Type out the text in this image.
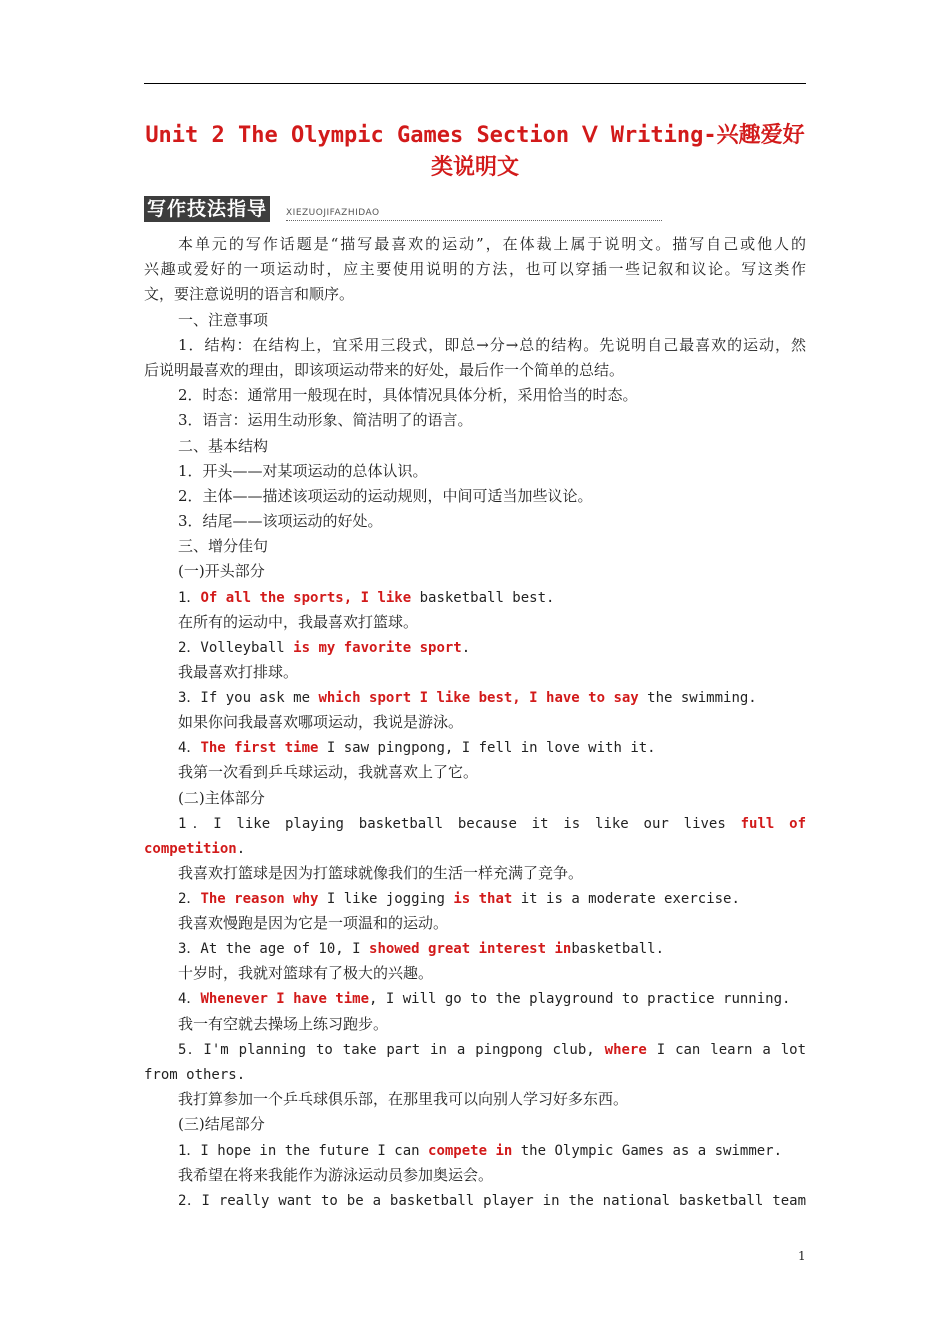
Unit 2 The Olympic Games Section Ⅴ Writing-兴趣爱好类说明文
写作技法指导 XIEZUOJIFAZHIDAO
本单元的写作话题是“描写最喜欢的运动”，在体裁上属于说明文。描写自己或他人的
兴趣或爱好的一项运动时，应主要使用说明的方法，也可以穿插一些记叙和议论。写这类作
文，要注意说明的语言和顺序。
一、注意事项
1．结构：在结构上，宜采用三段式，即总→分→总的结构。先说明自己最喜欢的运动，然
后说明最喜欢的理由，即该项运动带来的好处，最后作一个简单的总结。
2．时态：通常用一般现在时，具体情况具体分析，采用恰当的时态。
3．语言：运用生动形象、简洁明了的语言。
二、基本结构
1．开头——对某项运动的总体认识。
2．主体——描述该项运动的运动规则，中间可适当加些议论。
3．结尾——该项运动的好处。
三、增分佳句
(一)开头部分
1．Of all the sports, I like basketball best.
在所有的运动中，我最喜欢打篮球。
2．Volleyball is my favorite sport.
我最喜欢打排球。
3．If you ask me which sport I like best, I have to say the swimming.
如果你问我最喜欢哪项运动，我说是游泳。
4．The first time I saw pingpong, I fell in love with it.
我第一次看到乒乓球运动，我就喜欢上了它。
(二)主体部分
1．I like playing basketball because it is like our lives full of
competition.
我喜欢打篮球是因为打篮球就像我们的生活一样充满了竞争。
2．The reason why I like jogging is that it is a moderate exercise.
我喜欢慢跑是因为它是一项温和的运动。
3．At the age of 10, I showed great interest inbasketball.
十岁时，我就对篮球有了极大的兴趣。
4．Whenever I have time, I will go to the playground to practice running.
我一有空就去操场上练习跑步。
5．I'm planning to take part in a pingpong club, where I can learn a lot
from others.
我打算参加一个乒乓球俱乐部，在那里我可以向别人学习好多东西。
(三)结尾部分
1．I hope in the future I can compete in the Olympic Games as a swimmer.
我希望在将来我能作为游泳运动员参加奥运会。
2．I really want to be a basketball player in the national basketball team
1
